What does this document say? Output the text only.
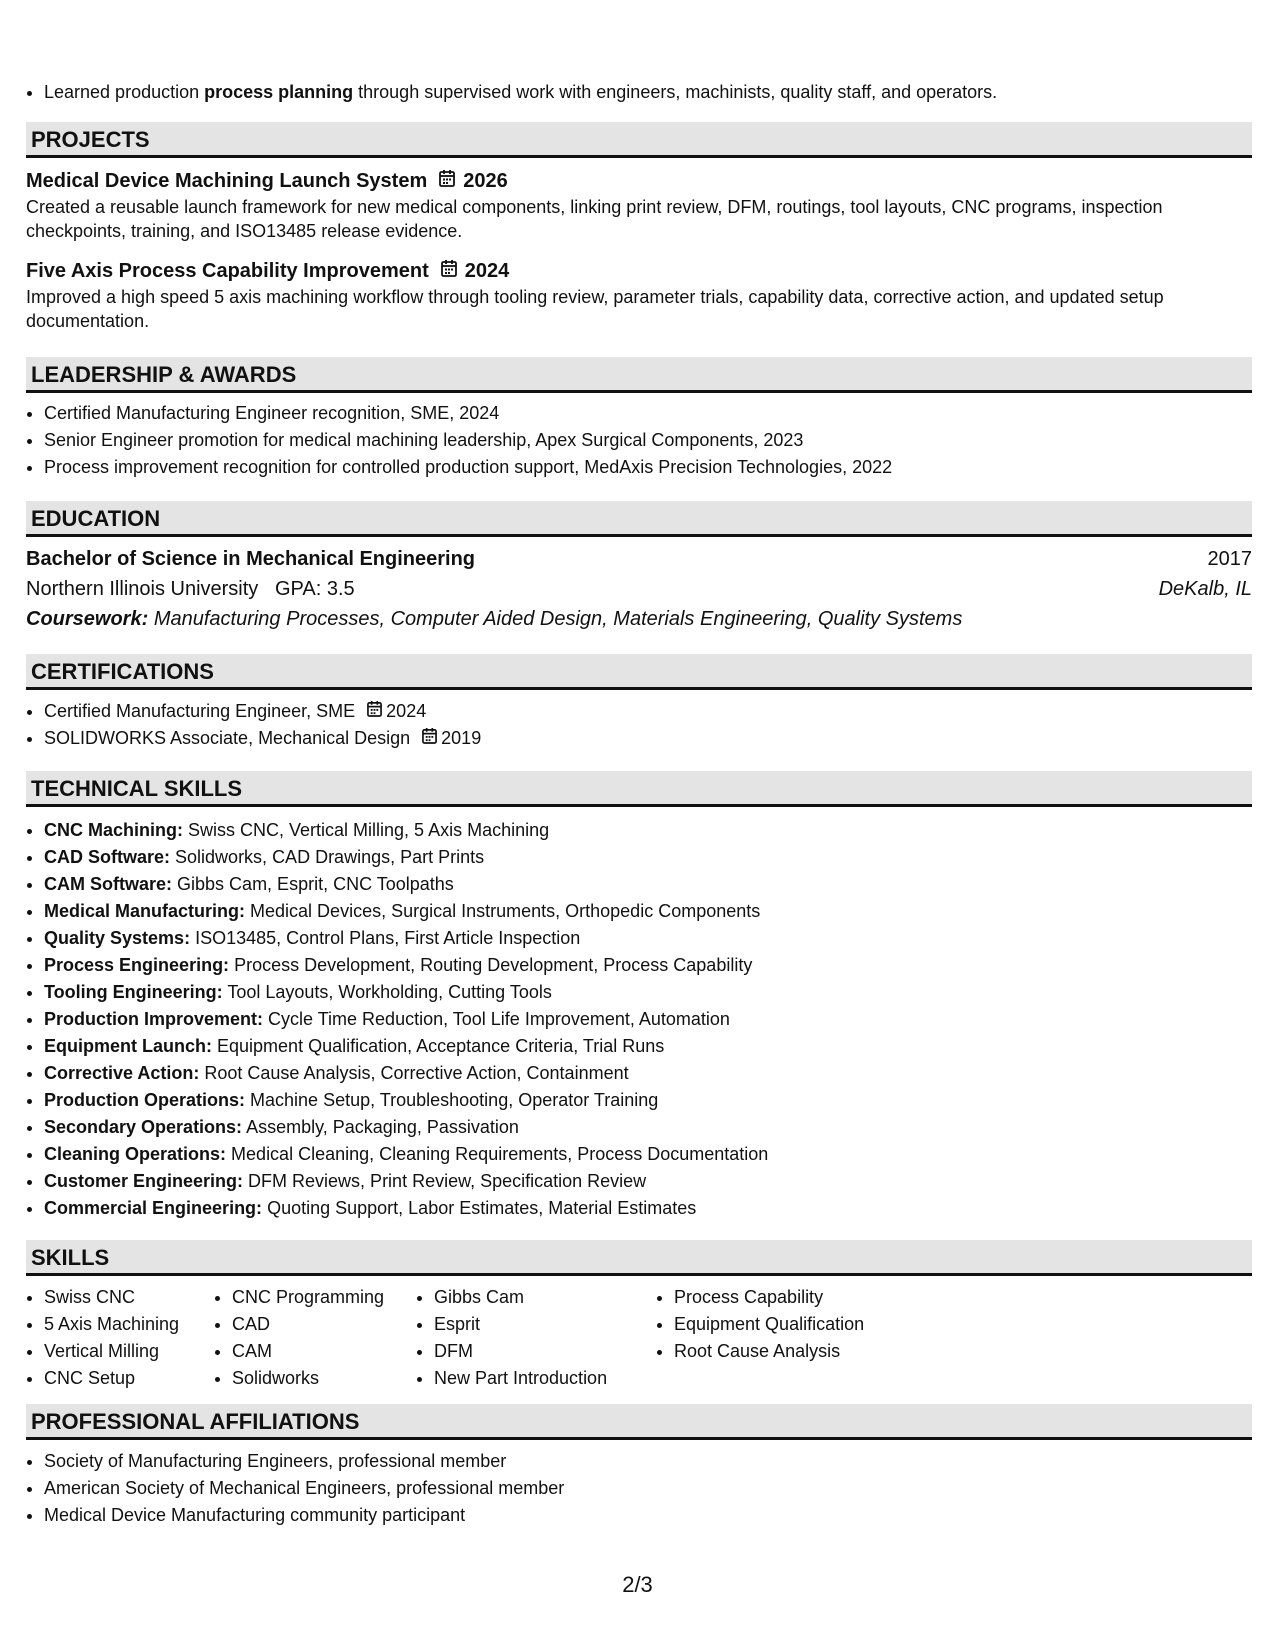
• Learned production process planning through supervised work with engineers, machinists, quality staff, and operators.
PROJECTS
Medical Device Machining Launch System 2026
Created a reusable launch framework for new medical components, linking print review, DFM, routings, tool layouts, CNC programs, inspection checkpoints, training, and ISO13485 release evidence.
Five Axis Process Capability Improvement 2024
Improved a high speed 5 axis machining workflow through tooling review, parameter trials, capability data, corrective action, and updated setup documentation.
LEADERSHIP & AWARDS
• Certified Manufacturing Engineer recognition, SME, 2024
• Senior Engineer promotion for medical machining leadership, Apex Surgical Components, 2023
• Process improvement recognition for controlled production support, MedAxis Precision Technologies, 2022
EDUCATION
Bachelor of Science in Mechanical Engineering	2017
Northern Illinois University GPA: 3.5	DeKalb, IL
Coursework: Manufacturing Processes, Computer Aided Design, Materials Engineering, Quality Systems
CERTIFICATIONS
• Certified Manufacturing Engineer, SME 2024
• SOLIDWORKS Associate, Mechanical Design 2019
TECHNICAL SKILLS
• CNC Machining: Swiss CNC, Vertical Milling, 5 Axis Machining
• CAD Software: Solidworks, CAD Drawings, Part Prints
• CAM Software: Gibbs Cam, Esprit, CNC Toolpaths
• Medical Manufacturing: Medical Devices, Surgical Instruments, Orthopedic Components
• Quality Systems: ISO13485, Control Plans, First Article Inspection
• Process Engineering: Process Development, Routing Development, Process Capability
• Tooling Engineering: Tool Layouts, Workholding, Cutting Tools
• Production Improvement: Cycle Time Reduction, Tool Life Improvement, Automation
• Equipment Launch: Equipment Qualification, Acceptance Criteria, Trial Runs
• Corrective Action: Root Cause Analysis, Corrective Action, Containment
• Production Operations: Machine Setup, Troubleshooting, Operator Training
• Secondary Operations: Assembly, Packaging, Passivation
• Cleaning Operations: Medical Cleaning, Cleaning Requirements, Process Documentation
• Customer Engineering: DFM Reviews, Print Review, Specification Review
• Commercial Engineering: Quoting Support, Labor Estimates, Material Estimates
SKILLS
• Swiss CNC
• 5 Axis Machining
• Vertical Milling
• CNC Setup
• CNC Programming
• CAD
• CAM
• Solidworks
• Gibbs Cam
• Esprit
• DFM
• New Part Introduction
• Process Capability
• Equipment Qualification
• Root Cause Analysis
PROFESSIONAL AFFILIATIONS
• Society of Manufacturing Engineers, professional member
• American Society of Mechanical Engineers, professional member
• Medical Device Manufacturing community participant
2/3
